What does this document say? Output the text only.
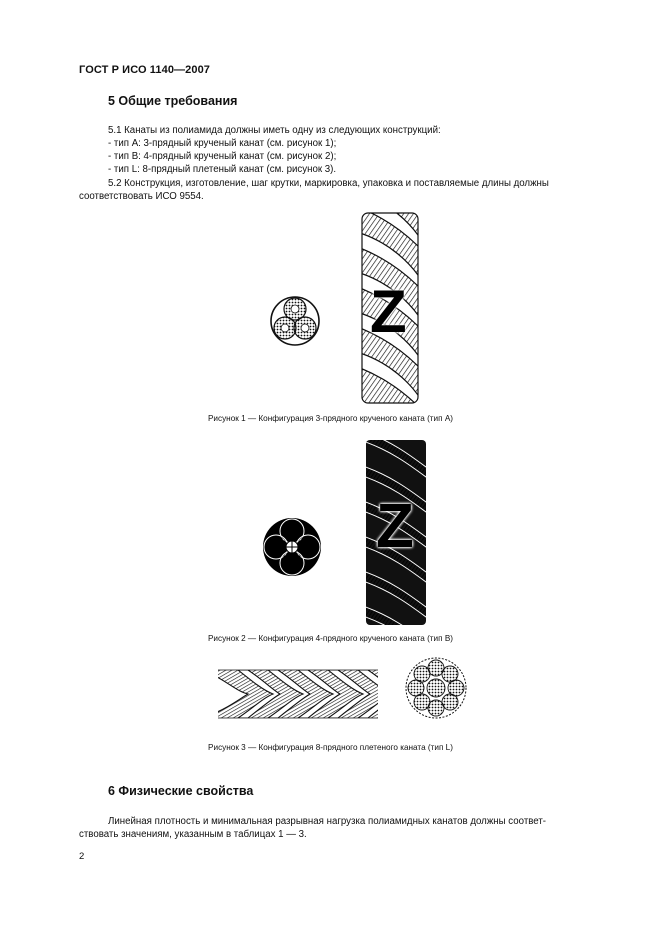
ГОСТ Р ИСО 1140—2007
5 Общие требования
5.1 Канаты из полиамида должны иметь одну из следующих конструкций:
- тип А: 3-прядный крученый канат (см. рисунок 1);
- тип В: 4-прядный крученый канат (см. рисунок 2);
- тип L: 8-прядный плетеный канат (см. рисунок 3).
5.2 Конструкция, изготовление, шаг крутки, маркировка, упаковка и поставляемые длины должны
соответствовать ИСО 9554.
Z
Рисунок 1 — Конфигурация 3-прядного крученого каната (тип А)
Z
Рисунок 2 — Конфигурация 4-прядного крученого каната (тип В)
Рисунок 3 — Конфигурация 8-прядного плетеного каната (тип L)
6 Физические свойства
Линейная плотность и минимальная разрывная нагрузка полиамидных канатов должны соответ-
ствовать значениям, указанным в таблицах 1 — 3.
2
